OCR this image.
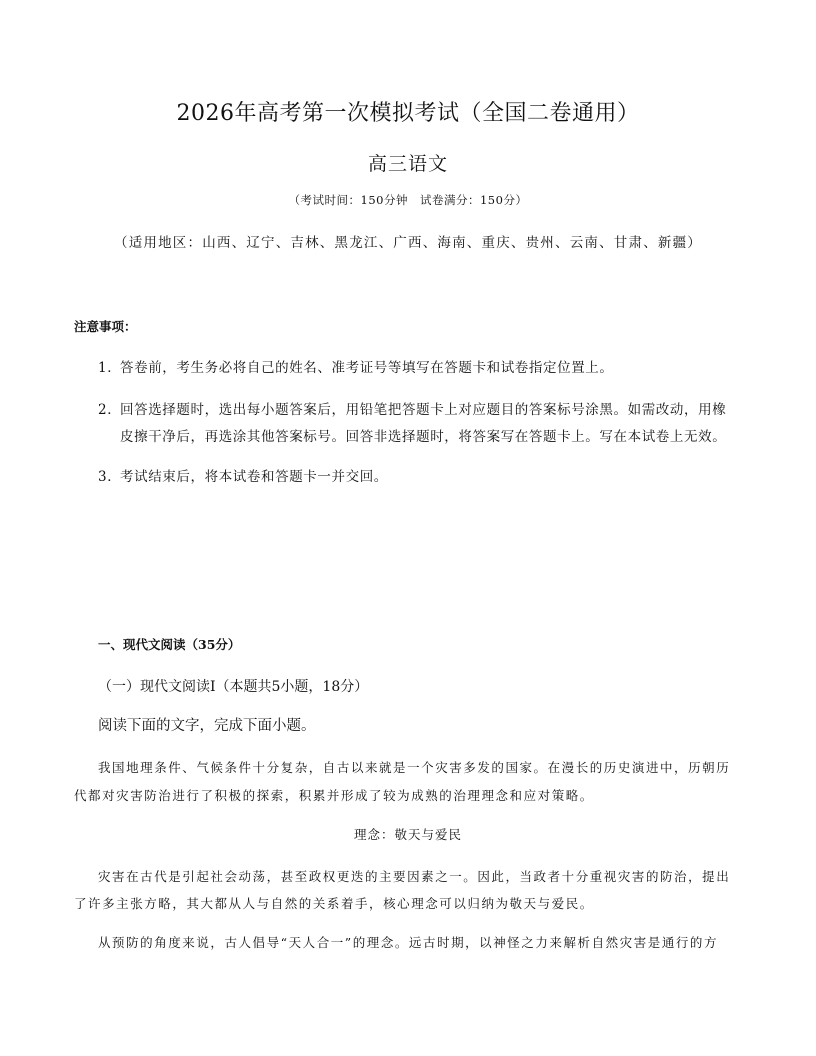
2026年高考第一次模拟考试（全国二卷通用）
高三语文
（考试时间：150分钟　试卷满分：150分）
（适用地区：山西、辽宁、吉林、黑龙江、广西、海南、重庆、贵州、云南、甘肃、新疆）
注意事项：
1．答卷前，考生务必将自己的姓名、准考证号等填写在答题卡和试卷指定位置上。
2．回答选择题时，选出每小题答案后，用铅笔把答题卡上对应题目的答案标号涂黑。如需改动，用橡
皮擦干净后，再选涂其他答案标号。回答非选择题时，将答案写在答题卡上。写在本试卷上无效。
3．考试结束后，将本试卷和答题卡一并交回。
一、现代文阅读（35分）
（一）现代文阅读Ⅰ（本题共5小题，18分）
阅读下面的文字，完成下面小题。
我国地理条件、气候条件十分复杂，自古以来就是一个灾害多发的国家。在漫长的历史演进中，历朝历
代都对灾害防治进行了积极的探索，积累并形成了较为成熟的治理理念和应对策略。
理念：敬天与爱民
灾害在古代是引起社会动荡，甚至政权更迭的主要因素之一。因此，当政者十分重视灾害的防治，提出
了许多主张方略，其大都从人与自然的关系着手，核心理念可以归纳为敬天与爱民。
从预防的角度来说，古人倡导“天人合一”的理念。远古时期，以神怪之力来解析自然灾害是通行的方
